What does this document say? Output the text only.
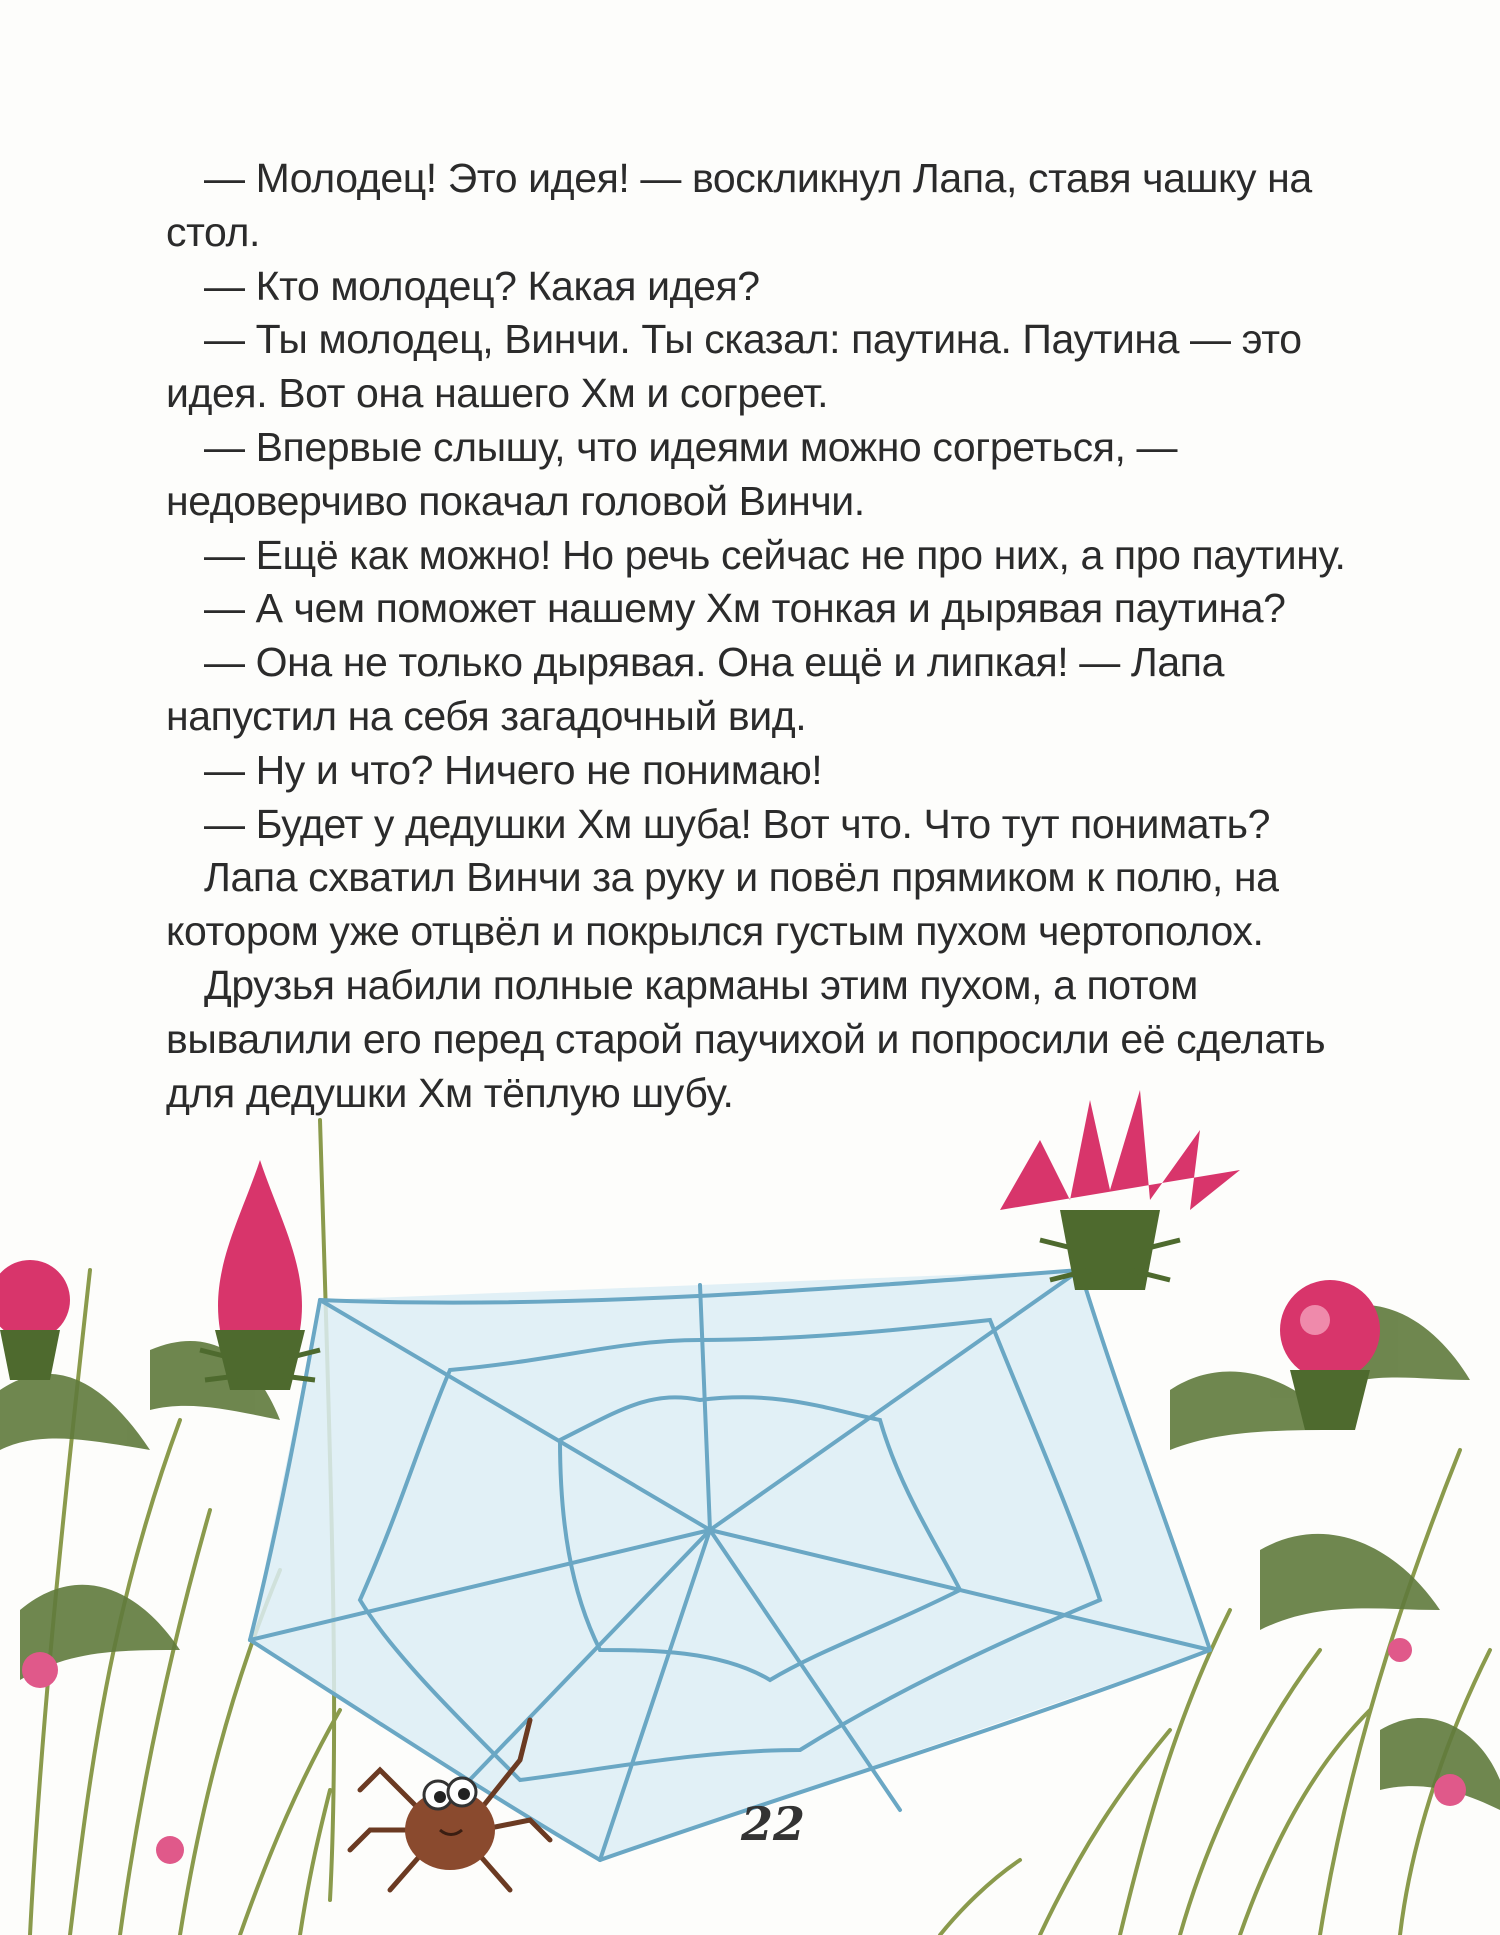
— Молодец! Это идея! — воскликнул Лапа, ставя чашку на стол.

— Кто молодец? Какая идея?

— Ты молодец, Винчи. Ты сказал: паутина. Паутина — это идея. Вот она нашего Хм и согреет.

— Впервые слышу, что идеями можно согреться, — недоверчиво покачал головой Винчи.

— Ещё как можно! Но речь сейчас не про них, а про паутину.

— А чем поможет нашему Хм тонкая и дырявая паутина?

— Она не только дырявая. Она ещё и липкая! — Лапа напустил на себя загадочный вид.

— Ну и что? Ничего не понимаю!

— Будет у дедушки Хм шуба! Вот что. Что тут понимать?

Лапа схватил Винчи за руку и повёл прямиком к полю, на котором уже отцвёл и покрылся густым пухом чертополох.

Друзья набили полные карманы этим пухом, а потом вывалили его перед старой паучихой и попросили её сделать для дедушки Хм тёплую шубу.

22
